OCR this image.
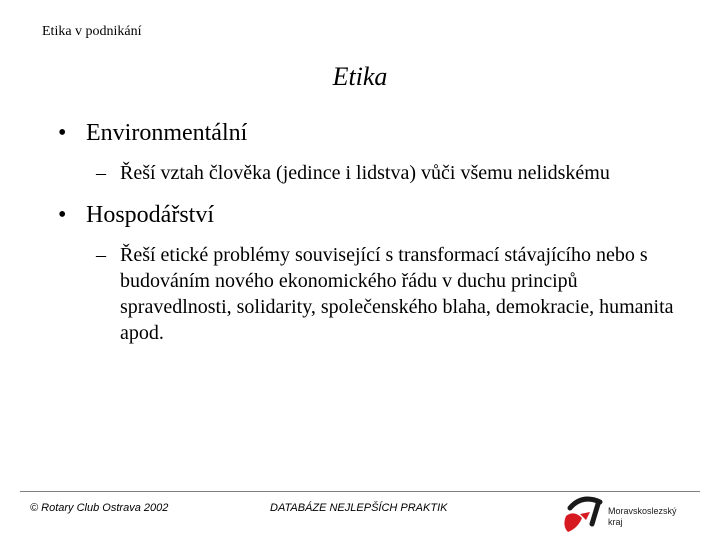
Etika v podnikání
Etika
• Environmentální
– Řeší vztah člověka (jedince i lidstva) vůči všemu nelidskému
• Hospodářství
– Řeší etické problémy související s transformací stávajícího nebo s budováním nového ekonomického řádu v duchu principů spravedlnosti, solidarity, společenského blaha, demokracie, humanita apod.
© Rotary Club Ostrava 2002	DATABÁZE NEJLEPŠÍCH PRAKTIK	Moravskoslezský
kraj
